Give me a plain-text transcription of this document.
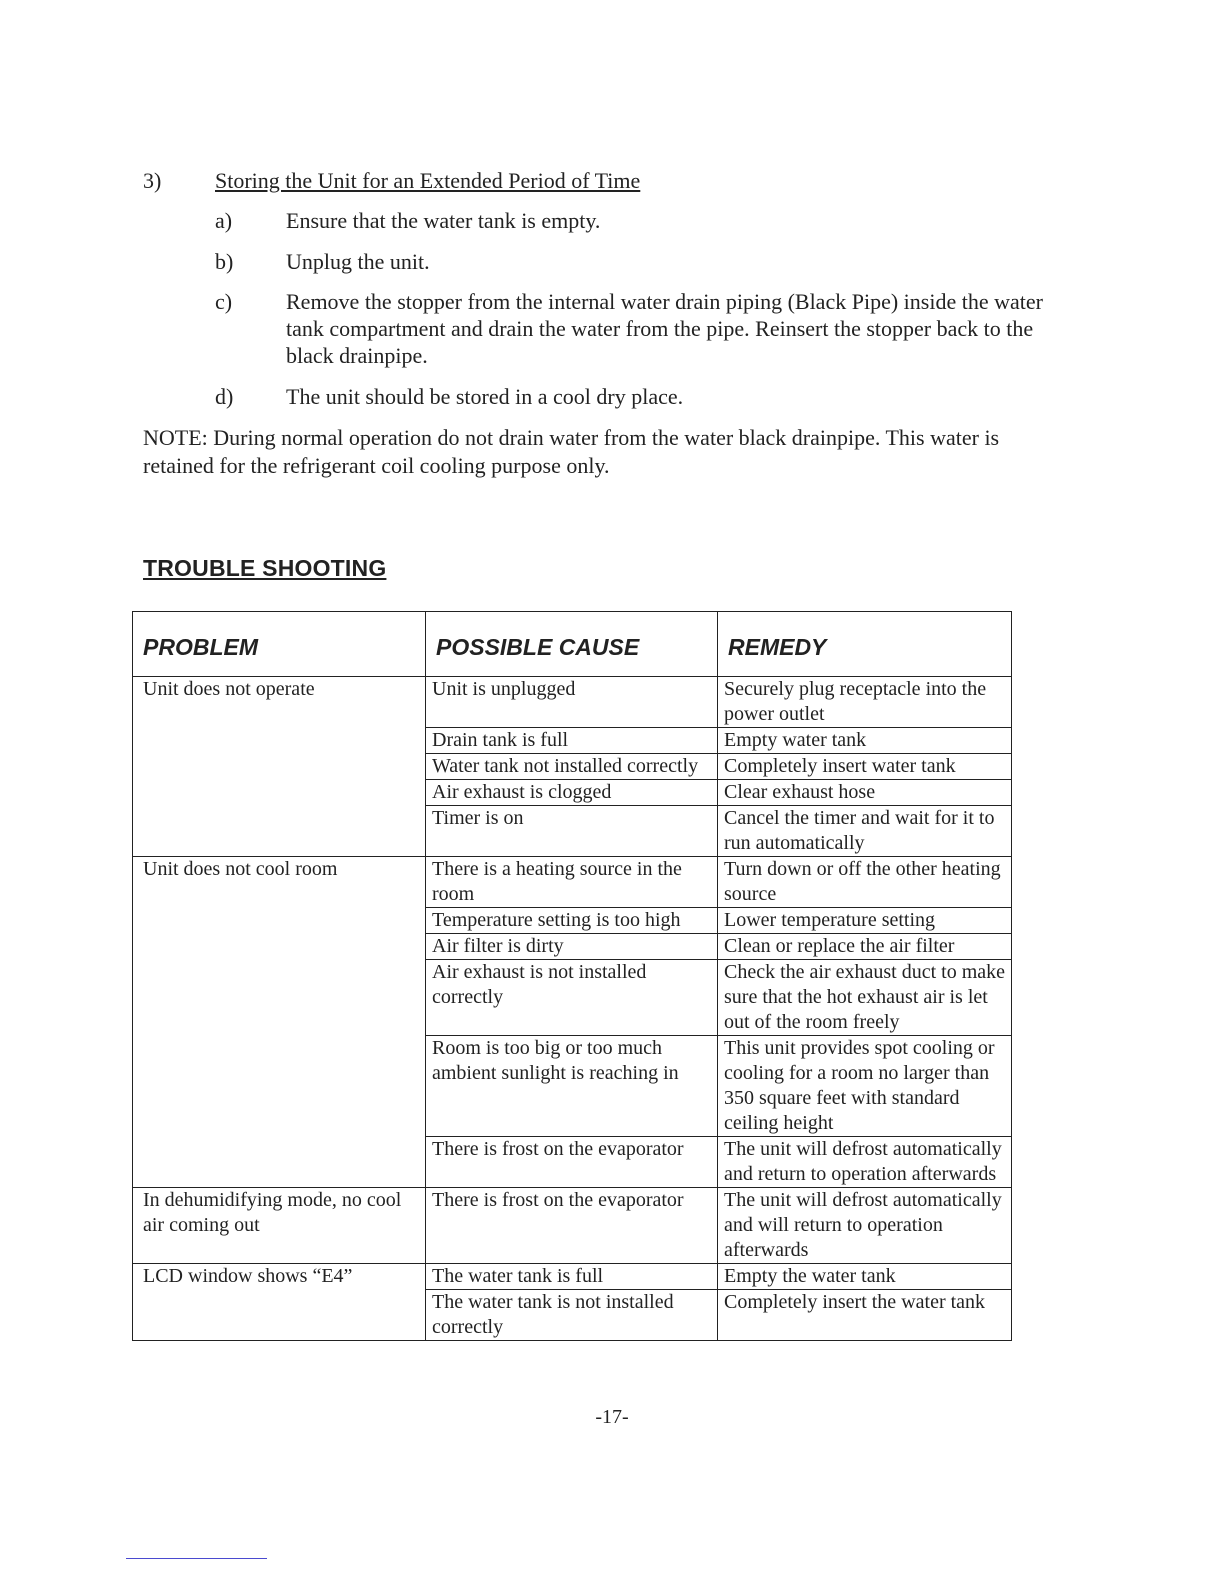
3) Storing the Unit for an Extended Period of Time
a) Ensure that the water tank is empty.
b) Unplug the unit.
c) Remove the stopper from the internal water drain piping (Black Pipe) inside the water tank compartment and drain the water from the pipe. Reinsert the stopper back to the black drainpipe.
d) The unit should be stored in a cool dry place.
NOTE: During normal operation do not drain water from the water black drainpipe. This water is retained for the refrigerant coil cooling purpose only.
TROUBLE SHOOTING
PROBLEM	POSSIBLE CAUSE	REMEDY
Unit does not operate	Unit is unplugged	Securely plug receptacle into the power outlet
	Drain tank is full	Empty water tank
	Water tank not installed correctly	Completely insert water tank
	Air exhaust is clogged	Clear exhaust hose
	Timer is on	Cancel the timer and wait for it to run automatically
Unit does not cool room	There is a heating source in the room	Turn down or off the other heating source
	Temperature setting is too high	Lower temperature setting
	Air filter is dirty	Clean or replace the air filter
	Air exhaust is not installed correctly	Check the air exhaust duct to make sure that the hot exhaust air is let out of the room freely
	Room is too big or too much ambient sunlight is reaching in	This unit provides spot cooling or cooling for a room no larger than 350 square feet with standard ceiling height
	There is frost on the evaporator	The unit will defrost automatically and return to operation afterwards
In dehumidifying mode, no cool air coming out	There is frost on the evaporator	The unit will defrost automatically and will return to operation afterwards
LCD window shows “E4”	The water tank is full	Empty the water tank
	The water tank is not installed correctly	Completely insert the water tank
-17-
